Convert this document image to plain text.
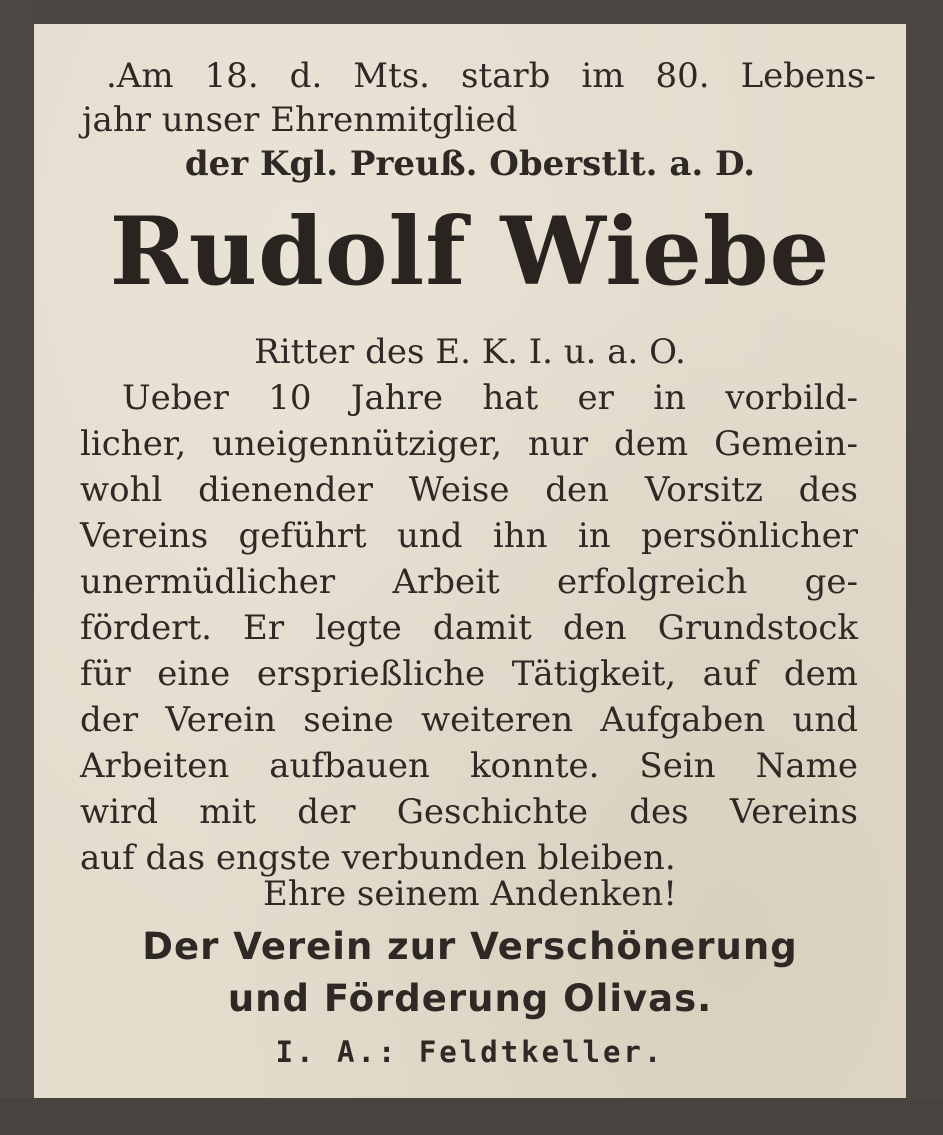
.Am 18. d. Mts. starb im 80. Lebens-
jahr unser Ehrenmitglied
der Kgl. Preuß. Oberstlt. a. D.
Rudolf Wiebe
Ritter des E. K. I. u. a. O.
Ueber 10 Jahre hat er in vorbild-
licher, uneigennütziger, nur dem Gemein-
wohl dienender Weise den Vorsitz des
Vereins geführt und ihn in persönlicher
unermüdlicher Arbeit erfolgreich ge-
fördert. Er legte damit den Grundstock
für eine ersprießliche Tätigkeit, auf dem
der Verein seine weiteren Aufgaben und
Arbeiten aufbauen konnte. Sein Name
wird mit der Geschichte des Vereins
auf das engste verbunden bleiben.
Ehre seinem Andenken!
Der Verein zur Verschönerung
und Förderung Olivas.
I. A.: Feldtkeller.
